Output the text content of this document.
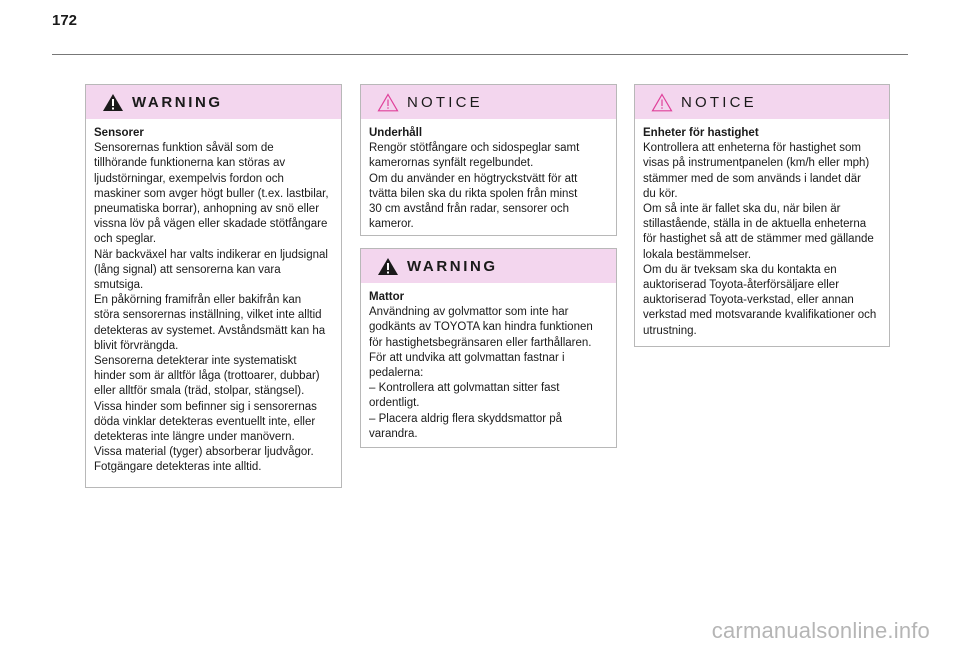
172
WARNING
Sensorer
Sensorernas funktion såväl som de
tillhörande funktionerna kan störas av
ljudstörningar, exempelvis fordon och
maskiner som avger högt buller (t.ex. lastbilar,
pneumatiska borrar), anhopning av snö eller
vissna löv på vägen eller skadade stötfångare
och speglar.
När backväxel har valts indikerar en ljudsignal
(lång signal) att sensorerna kan vara
smutsiga.
En påkörning framifrån eller bakifrån kan
störa sensorernas inställning, vilket inte alltid
detekteras av systemet. Avståndsmätt kan ha
blivit förvrängda.
Sensorerna detekterar inte systematiskt
hinder som är alltför låga (trottoarer, dubbar)
eller alltför smala (träd, stolpar, stängsel).
Vissa hinder som befinner sig i sensorernas
döda vinklar detekteras eventuellt inte, eller
detekteras inte längre under manövern.
Vissa material (tyger) absorberar ljudvågor.
Fotgängare detekteras inte alltid.
NOTICE
Underhåll
Rengör stötfångare och sidospeglar samt
kamerornas synfält regelbundet.
Om du använder en högtryckstvätt för att
tvätta bilen ska du rikta spolen från minst
30 cm avstånd från radar, sensorer och
kameror.
WARNING
Mattor
Användning av golvmattor som inte har
godkänts av TOYOTA kan hindra funktionen
för hastighetsbegränsaren eller farthållaren.
För att undvika att golvmattan fastnar i
pedalerna:
– Kontrollera att golvmattan sitter fast
ordentligt.
– Placera aldrig flera skyddsmattor på
varandra.
NOTICE
Enheter för hastighet
Kontrollera att enheterna för hastighet som
visas på instrumentpanelen (km/h eller mph)
stämmer med de som används i landet där
du kör.
Om så inte är fallet ska du, när bilen är
stillastående, ställa in de aktuella enheterna
för hastighet så att de stämmer med gällande
lokala bestämmelser.
Om du är tveksam ska du kontakta en
auktoriserad Toyota-återförsäljare eller
auktoriserad Toyota-verkstad, eller annan
verkstad med motsvarande kvalifikationer och
utrustning.
carmanualsonline.info
